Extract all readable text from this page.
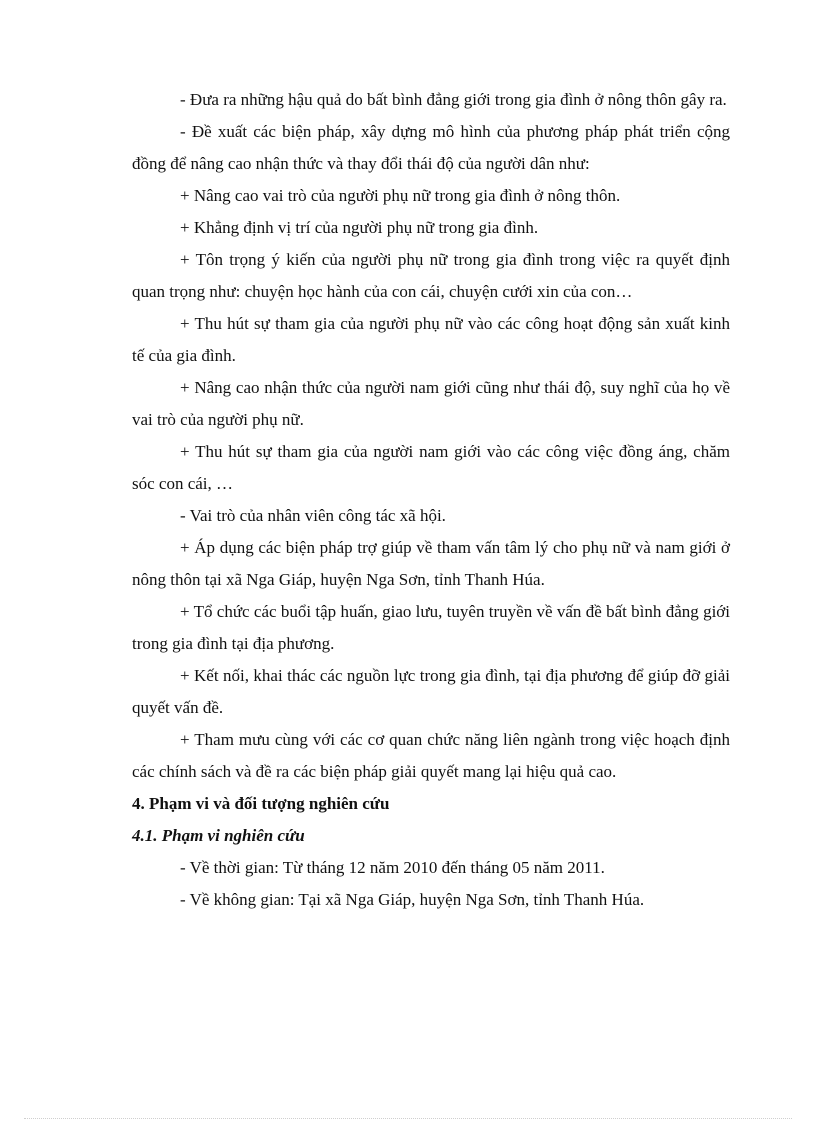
- Đưa ra những hậu quả do bất bình đẳng giới trong gia đình ở nông thôn gây ra.

- Đề xuất các biện pháp, xây dựng mô hình của phương pháp phát triển cộng đồng để nâng cao nhận thức và thay đổi thái độ của người dân như:

+ Nâng cao vai trò của người phụ nữ trong gia đình ở nông thôn.

+ Khẳng định vị trí của người phụ nữ trong gia đình.

+ Tôn trọng ý kiến của người phụ nữ trong gia đình trong việc ra quyết định quan trọng như: chuyện học hành của con cái, chuyện cưới xin của con…

+ Thu hút sự tham gia của người phụ nữ vào các công hoạt động sản xuất kinh tế của gia đình.

+ Nâng cao nhận thức của người nam giới cũng như thái độ, suy nghĩ của họ về vai trò của người phụ nữ.

+ Thu hút sự tham gia của người nam giới vào các công việc đồng áng, chăm sóc con cái, …

- Vai trò của nhân viên công tác xã hội.

+ Áp dụng các biện pháp trợ giúp về tham vấn tâm lý cho phụ nữ và nam giới ở nông thôn tại xã Nga Giáp, huyện Nga Sơn, tỉnh Thanh Húa.

+ Tổ chức các buổi tập huấn, giao lưu, tuyên truyền về vấn đề bất bình đẳng giới trong gia đình tại địa phương.

+ Kết nối, khai thác các nguồn lực trong gia đình, tại địa phương để giúp đỡ giải quyết vấn đề.

+ Tham mưu cùng với các cơ quan chức năng liên ngành trong việc hoạch định các chính sách và đề ra các biện pháp giải quyết mang lại hiệu quả cao.

4. Phạm vi và đối tượng nghiên cứu

4.1. Phạm vi nghiên cứu

- Về thời gian: Từ tháng 12 năm 2010 đến tháng 05 năm 2011.

- Về không gian: Tại xã Nga Giáp, huyện Nga Sơn, tỉnh Thanh Húa.
